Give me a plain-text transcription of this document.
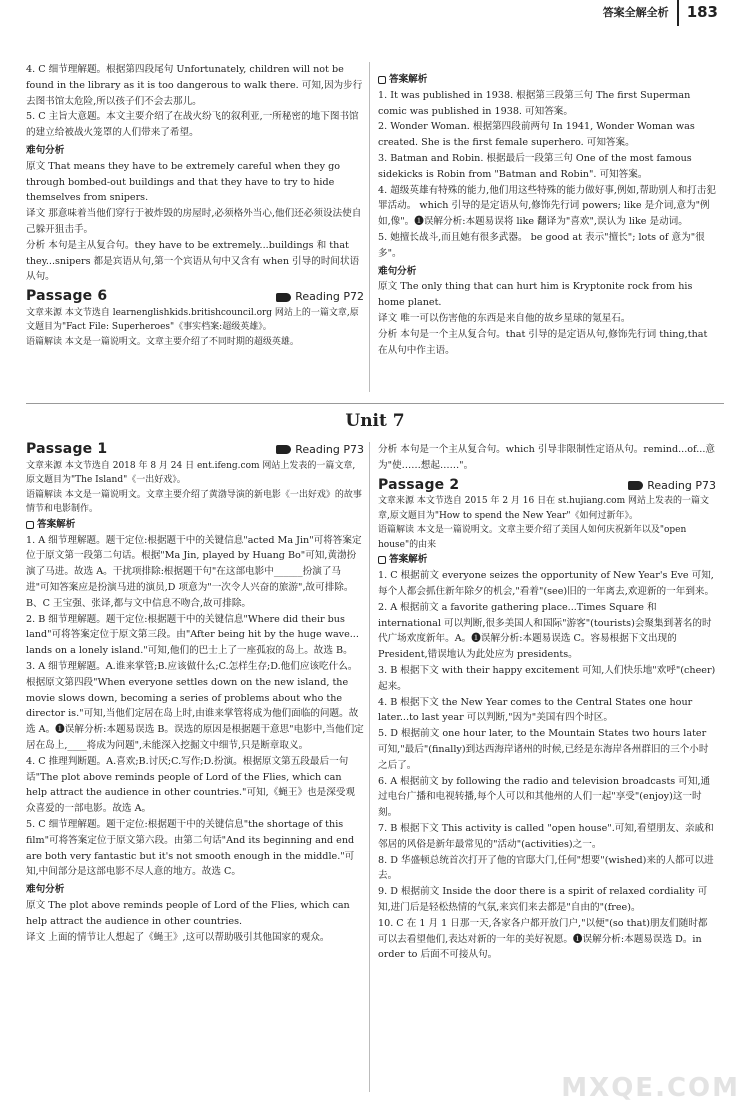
答案全解全析 183

4. C 细节理解题。根据第四段尾句 Unfortunately, children will not be found in the library as it is too dangerous to walk there. 可知,因为步行去图书馆太危险,所以孩子们不会去那儿。

5. C 主旨大意题。本文主要介绍了在战火纷飞的叙利亚,一所秘密的地下图书馆的建立给被战火笼罩的人们带来了希望。

难句分析

原文 That means they have to be extremely careful when they go through bombed-out buildings and that they have to try to hide themselves from snipers.

译文 那意味着当他们穿行于被炸毁的房屋时,必须格外当心,他们还必须设法使自己躲开狙击手。

分析 本句是主从复合句。they have to be extremely...buildings 和 that they...snipers 都是宾语从句,第一个宾语从句中又含有 when 引导的时间状语从句。

Passage 6	Reading P72

文章来源 本文节选自 learnenglishkids.britishcouncil.org 网站上的一篇文章,原文题目为"Fact File: Superheroes"《事实档案:超级英雄》。

语篇解读 本文是一篇说明文。文章主要介绍了不同时期的超级英雄。

答案解析

1. It was published in 1938. 根据第三段第三句 The first Superman comic was published in 1938. 可知答案。

2. Wonder Woman. 根据第四段前两句 In 1941, Wonder Woman was created. She is the first female superhero. 可知答案。

3. Batman and Robin. 根据最后一段第三句 One of the most famous sidekicks is Robin from "Batman and Robin". 可知答案。

4. 超级英雄有特殊的能力,他们用这些特殊的能力做好事,例如,帮助别人和打击犯罪活动。 which 引导的是定语从句,修饰先行词 powers; like 是介词,意为"例如,像"。❶误解分析:本题易误将 like 翻译为"喜欢",误认为 like 是动词。

5. 她擅长战斗,而且她有很多武器。 be good at 表示"擅长"; lots of 意为"很多"。

难句分析

原文 The only thing that can hurt him is Kryptonite rock from his home planet.

译文 唯一可以伤害他的东西是来自他的故乡星球的氪星石。

分析 本句是一个主从复合句。that 引导的是定语从句,修饰先行词 thing,that 在从句中作主语。

Unit 7
Passage 1	Reading P73

文章来源 本文节选自 2018 年 8 月 24 日 ent.ifeng.com 网站上发表的一篇文章,原文题目为"The Island"《一出好戏》。

语篇解读 本文是一篇说明文。文章主要介绍了黄渤导演的新电影《一出好戏》的故事情节和电影制作。

答案解析

1. A 细节理解题。题干定位:根据题干中的关键信息"acted Ma Jin"可将答案定位于原文第一段第二句话。根据"Ma Jin, played by Huang Bo"可知,黄渤扮演了马进。故选 A。干扰项排除:根据题干句"在这部电影中______扮演了马进"可知答案应是扮演马进的演员,D 项意为"一次令人兴奋的旅游",故可排除。B、C 王宝强、张译,都与文中信息不吻合,故可排除。

2. B 细节理解题。题干定位:根据题干中的关键信息"Where did their bus land"可将答案定位于原文第三段。由"After being hit by the huge wave... lands on a lonely island."可知,他们的巴士上了一座孤寂的岛上。故选 B。

3. A 细节理解题。A.谁来掌管;B.应该做什么;C.怎样生存;D.他们应该吃什么。根据原文第四段"When everyone settles down on the new island, the movie slows down, becoming a series of problems about who the director is."可知,当他们定居在岛上时,由谁来掌管将成为他们面临的问题。故选 A。❶误解分析:本题易误选 B。误选的原因是根据题干意思"电影中,当他们定居在岛上,____将成为问题",未能深入挖掘文中细节,只是断章取义。

4. C 推理判断题。A.喜欢;B.讨厌;C.写作;D.扮演。根据原文第五段最后一句话"The plot above reminds people of Lord of the Flies, which can help attract the audience in other countries."可知,《蝇王》也是深受观众喜爱的一部电影。故选 A。

5. C 细节理解题。题干定位:根据题干中的关键信息"the shortage of this film"可将答案定位于原文第六段。由第二句话"And its beginning and end are both very fantastic but it's not smooth enough in the middle."可知,中间部分是这部电影不尽人意的地方。故选 C。

难句分析

原文 The plot above reminds people of Lord of the Flies, which can help attract the audience in other countries.

译文 上面的情节让人想起了《蝇王》,这可以帮助吸引其他国家的观众。

分析 本句是一个主从复合句。which 引导非限制性定语从句。remind...of...意为"使……想起……"。

Passage 2	Reading P73

文章来源 本文节选自 2015 年 2 月 16 日在 st.hujiang.com 网站上发表的一篇文章,原文题目为"How to spend the New Year"《如何过新年》。

语篇解读 本文是一篇说明文。文章主要介绍了美国人如何庆祝新年以及"open house"的由来

答案解析

1. C 根据前文 everyone seizes the opportunity of New Year's Eve 可知,每个人都会抓住新年除夕的机会,"看着"(see)旧的一年离去,欢迎新的一年到来。

2. A 根据前文 a favorite gathering place...Times Square 和 international 可以判断,很多美国人和国际"游客"(tourists)会聚集到著名的时代广场欢度新年。A。❶误解分析:本题易误选 C。容易根据下文出现的 President,错误地认为此处应为 presidents。

3. B 根据下文 with their happy excitement 可知,人们快乐地"欢呼"(cheer)起来。

4. B 根据下文 the New Year comes to the Central States one hour later...to last year 可以判断,"因为"美国有四个时区。

5. D 根据前文 one hour later, to the Mountain States two hours later 可知,"最后"(finally)到达西海岸诸州的时候,已经是东海岸各州群旧的三个小时之后了。

6. A 根据前文 by following the radio and television broadcasts 可知,通过电台广播和电视转播,每个人可以和其他州的人们一起"享受"(enjoy)这一时刻。

7. B 根据下文 This activity is called "open house".可知,看望朋友、亲戚和邻居的风俗是新年最常见的"活动"(activities)之一。

8. D 华盛顿总统首次打开了他的官邸大门,任何"想要"(wished)来的人都可以进去。

9. D 根据前文 Inside the door there is a spirit of relaxed cordiality 可知,进门后是轻松热情的气氛,来宾们来去都是"自由的"(free)。

10. C 在 1 月 1 日那一天,各家各户都开放门户,"以便"(so that)朋友们随时都可以去看望他们,表达对新的一年的美好祝愿。❶误解分析:本题易误选 D。in order to 后面不可接从句。

MXQE.COM
